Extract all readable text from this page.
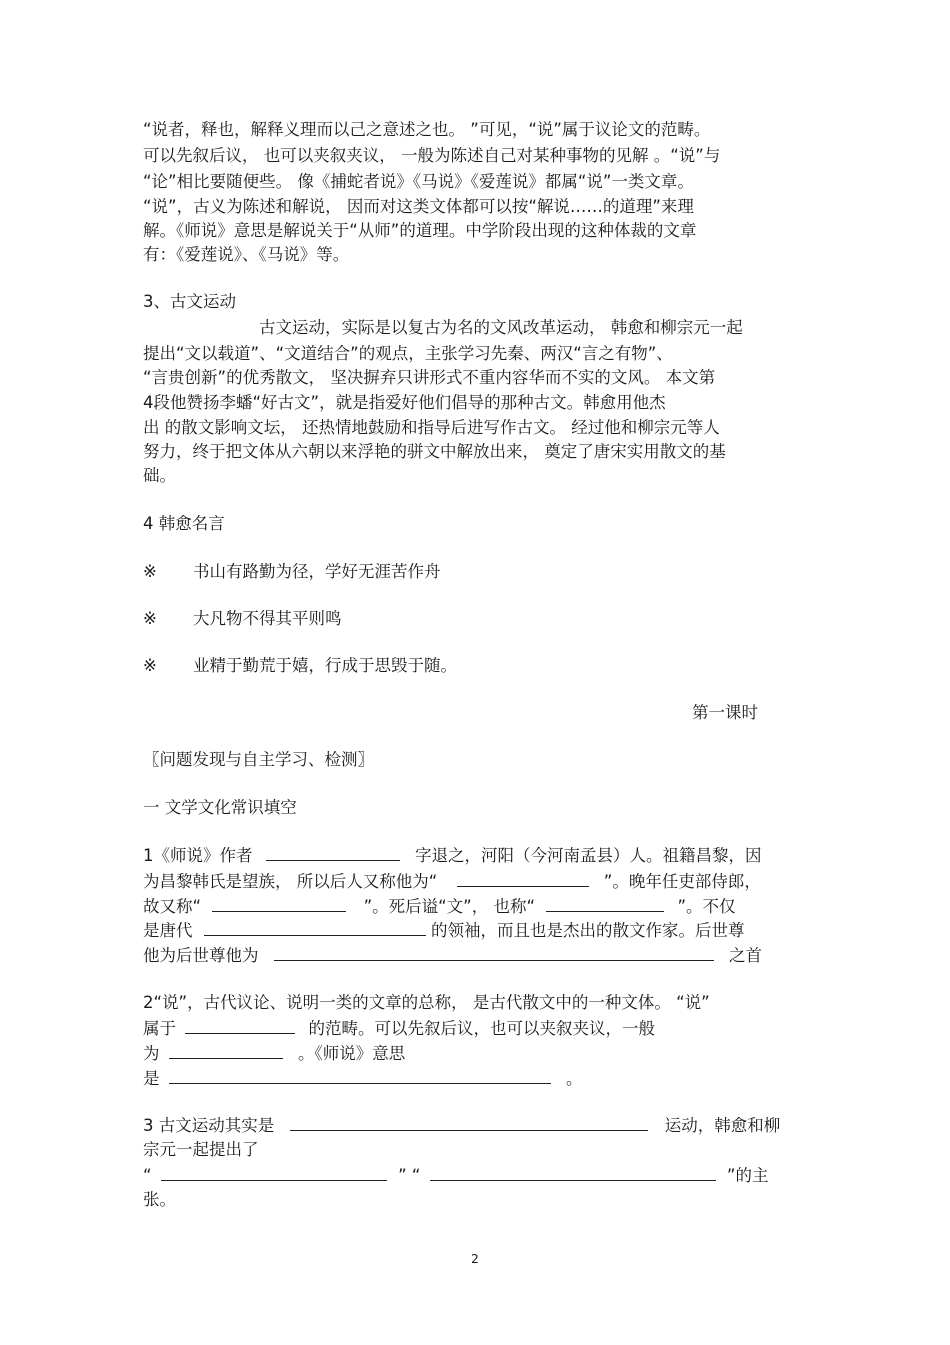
“说者，释也，解释义理而以己之意述之也。 ”可见，“说”属于议论文的范畴。
可以先叙后议， 也可以夹叙夹议， 一般为陈述自己对某种事物的见解 。“说”与
“论”相比要随便些。 像《捕蛇者说》《马说》《爱莲说》都属“说”一类文章。
“说”，古义为陈述和解说， 因而对这类文体都可以按“解说……的道理”来理
解。《师说》意思是解说关于“从师”的道理。中学阶段出现的这种体裁的文章
有：《爱莲说》、《马说》等。
3、古文运动
古文运动，实际是以复古为名的文风改革运动， 韩愈和柳宗元一起
提出“文以载道”、“文道结合”的观点，主张学习先秦、两汉“言之有物”、
“言贵创新”的优秀散文， 坚决摒弃只讲形式不重内容华而不实的文风。 本文第
4段他赞扬李蟠“好古文”，就是指爱好他们倡导的那种古文。韩愈用他杰
出 的散文影响文坛， 还热情地鼓励和指导后进写作古文。 经过他和柳宗元等人
努力，终于把文体从六朝以来浮艳的骈文中解放出来， 奠定了唐宋实用散文的基
础。
4 韩愈名言
※ 书山有路勤为径，学好无涯苦作舟
※ 大凡物不得其平则鸣
※ 业精于勤荒于嬉，行成于思毁于随。
第一课时
〖问题发现与自主学习、检测〗
一 文学文化常识填空
1《师说》作者	字退之，河阳（今河南孟县）人。祖籍昌黎，因
为昌黎韩氏是望族， 所以后人又称他为“	”。晚年任吏部侍郎，
故又称“	”。死后谥“文”， 也称“	”。不仅
是唐代	的领袖，而且也是杰出的散文作家。后世尊
他为后世尊他为	之首
2“说”，古代议论、说明一类的文章的总称， 是古代散文中的一种文体。 “说”
属于	的范畴。可以先叙后议，也可以夹叙夹议，一般
为	。《师说》意思
是	。
3 古文运动其实是	运动，韩愈和柳
宗元一起提出了
“	” “	”的主
张。
2
